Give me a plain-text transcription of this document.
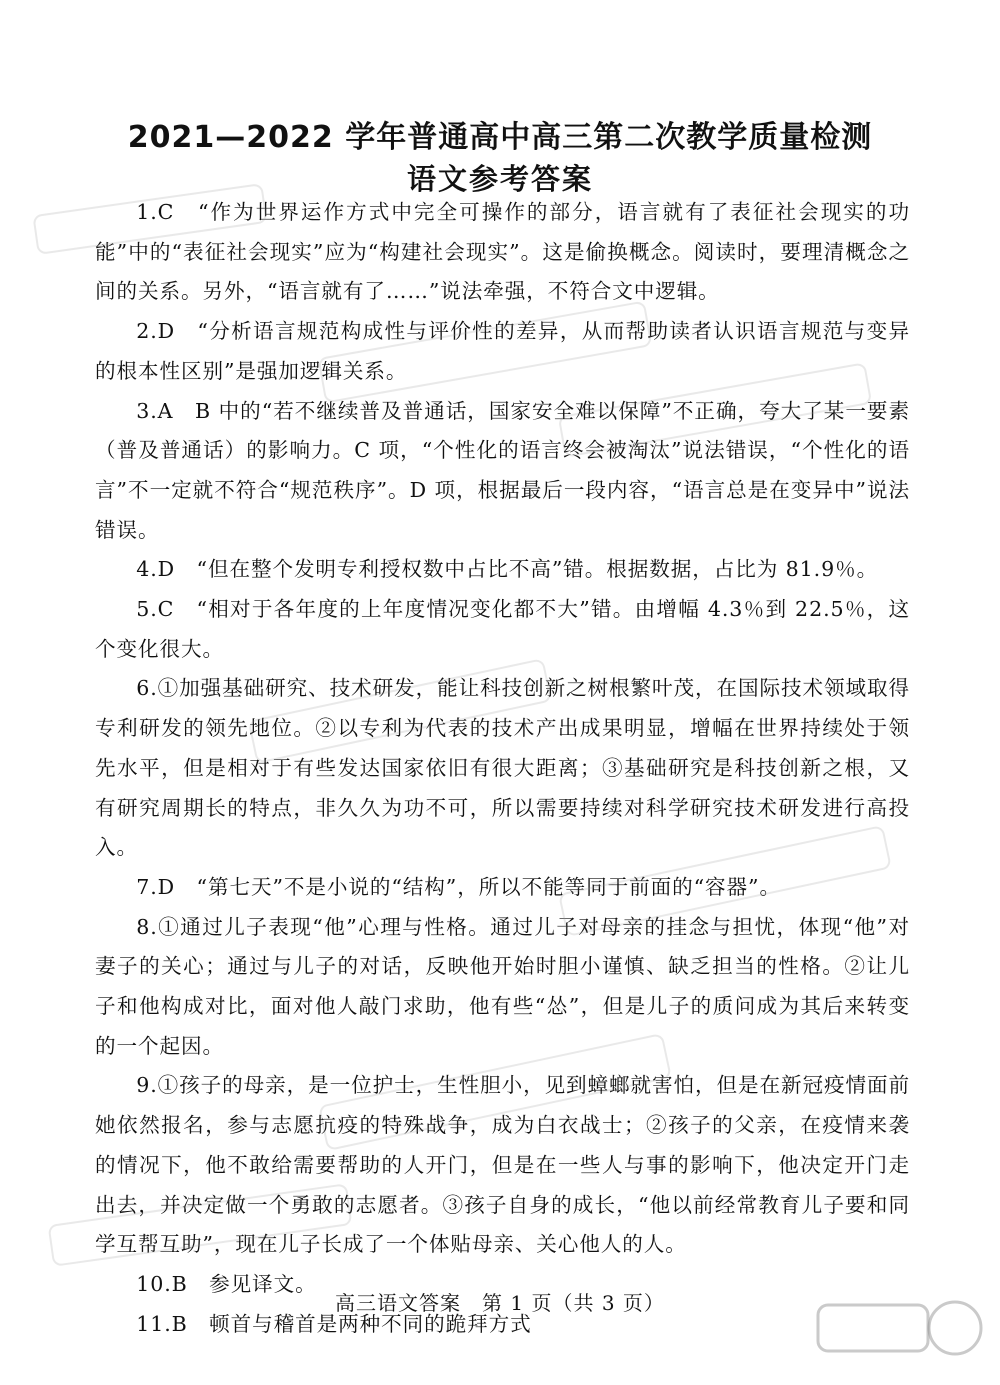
2021—2022 学年普通高中高三第二次教学质量检测
语文参考答案

1.C　“作为世界运作方式中完全可操作的部分，语言就有了表征社会现实的功能”中的“表征社会现实”应为“构建社会现实”。这是偷换概念。阅读时，要理清概念之间的关系。另外，“语言就有了……”说法牵强，不符合文中逻辑。

2.D　“分析语言规范构成性与评价性的差异，从而帮助读者认识语言规范与变异的根本性区别”是强加逻辑关系。

3.A　B 中的“若不继续普及普通话，国家安全难以保障”不正确，夸大了某一要素（普及普通话）的影响力。C 项，“个性化的语言终会被淘汰”说法错误，“个性化的语言”不一定就不符合“规范秩序”。D 项，根据最后一段内容，“语言总是在变异中”说法错误。

4.D　“但在整个发明专利授权数中占比不高”错。根据数据，占比为 81.9％。

5.C　“相对于各年度的上年度情况变化都不大”错。由增幅 4.3％到 22.5％，这个变化很大。

6.①加强基础研究、技术研发，能让科技创新之树根繁叶茂，在国际技术领域取得专利研发的领先地位。②以专利为代表的技术产出成果明显，增幅在世界持续处于领先水平，但是相对于有些发达国家依旧有很大距离；③基础研究是科技创新之根，又有研究周期长的特点，非久久为功不可，所以需要持续对科学研究技术研发进行高投入。

7.D　“第七天”不是小说的“结构”，所以不能等同于前面的“容器”。

8.①通过儿子表现“他”心理与性格。通过儿子对母亲的挂念与担忧，体现“他”对妻子的关心；通过与儿子的对话，反映他开始时胆小谨慎、缺乏担当的性格。②让儿子和他构成对比，面对他人敲门求助，他有些“怂”，但是儿子的质问成为其后来转变的一个起因。

9.①孩子的母亲，是一位护士，生性胆小，见到蟑螂就害怕，但是在新冠疫情面前她依然报名，参与志愿抗疫的特殊战争，成为白衣战士；②孩子的父亲，在疫情来袭的情况下，他不敢给需要帮助的人开门，但是在一些人与事的影响下，他决定开门走出去，并决定做一个勇敢的志愿者。③孩子自身的成长，“他以前经常教育儿子要和同学互帮互助”，现在儿子长成了一个体贴母亲、关心他人的人。

10.B　参见译文。

11.B　顿首与稽首是两种不同的跪拜方式

高三语文答案　第 1 页（共 3 页）
